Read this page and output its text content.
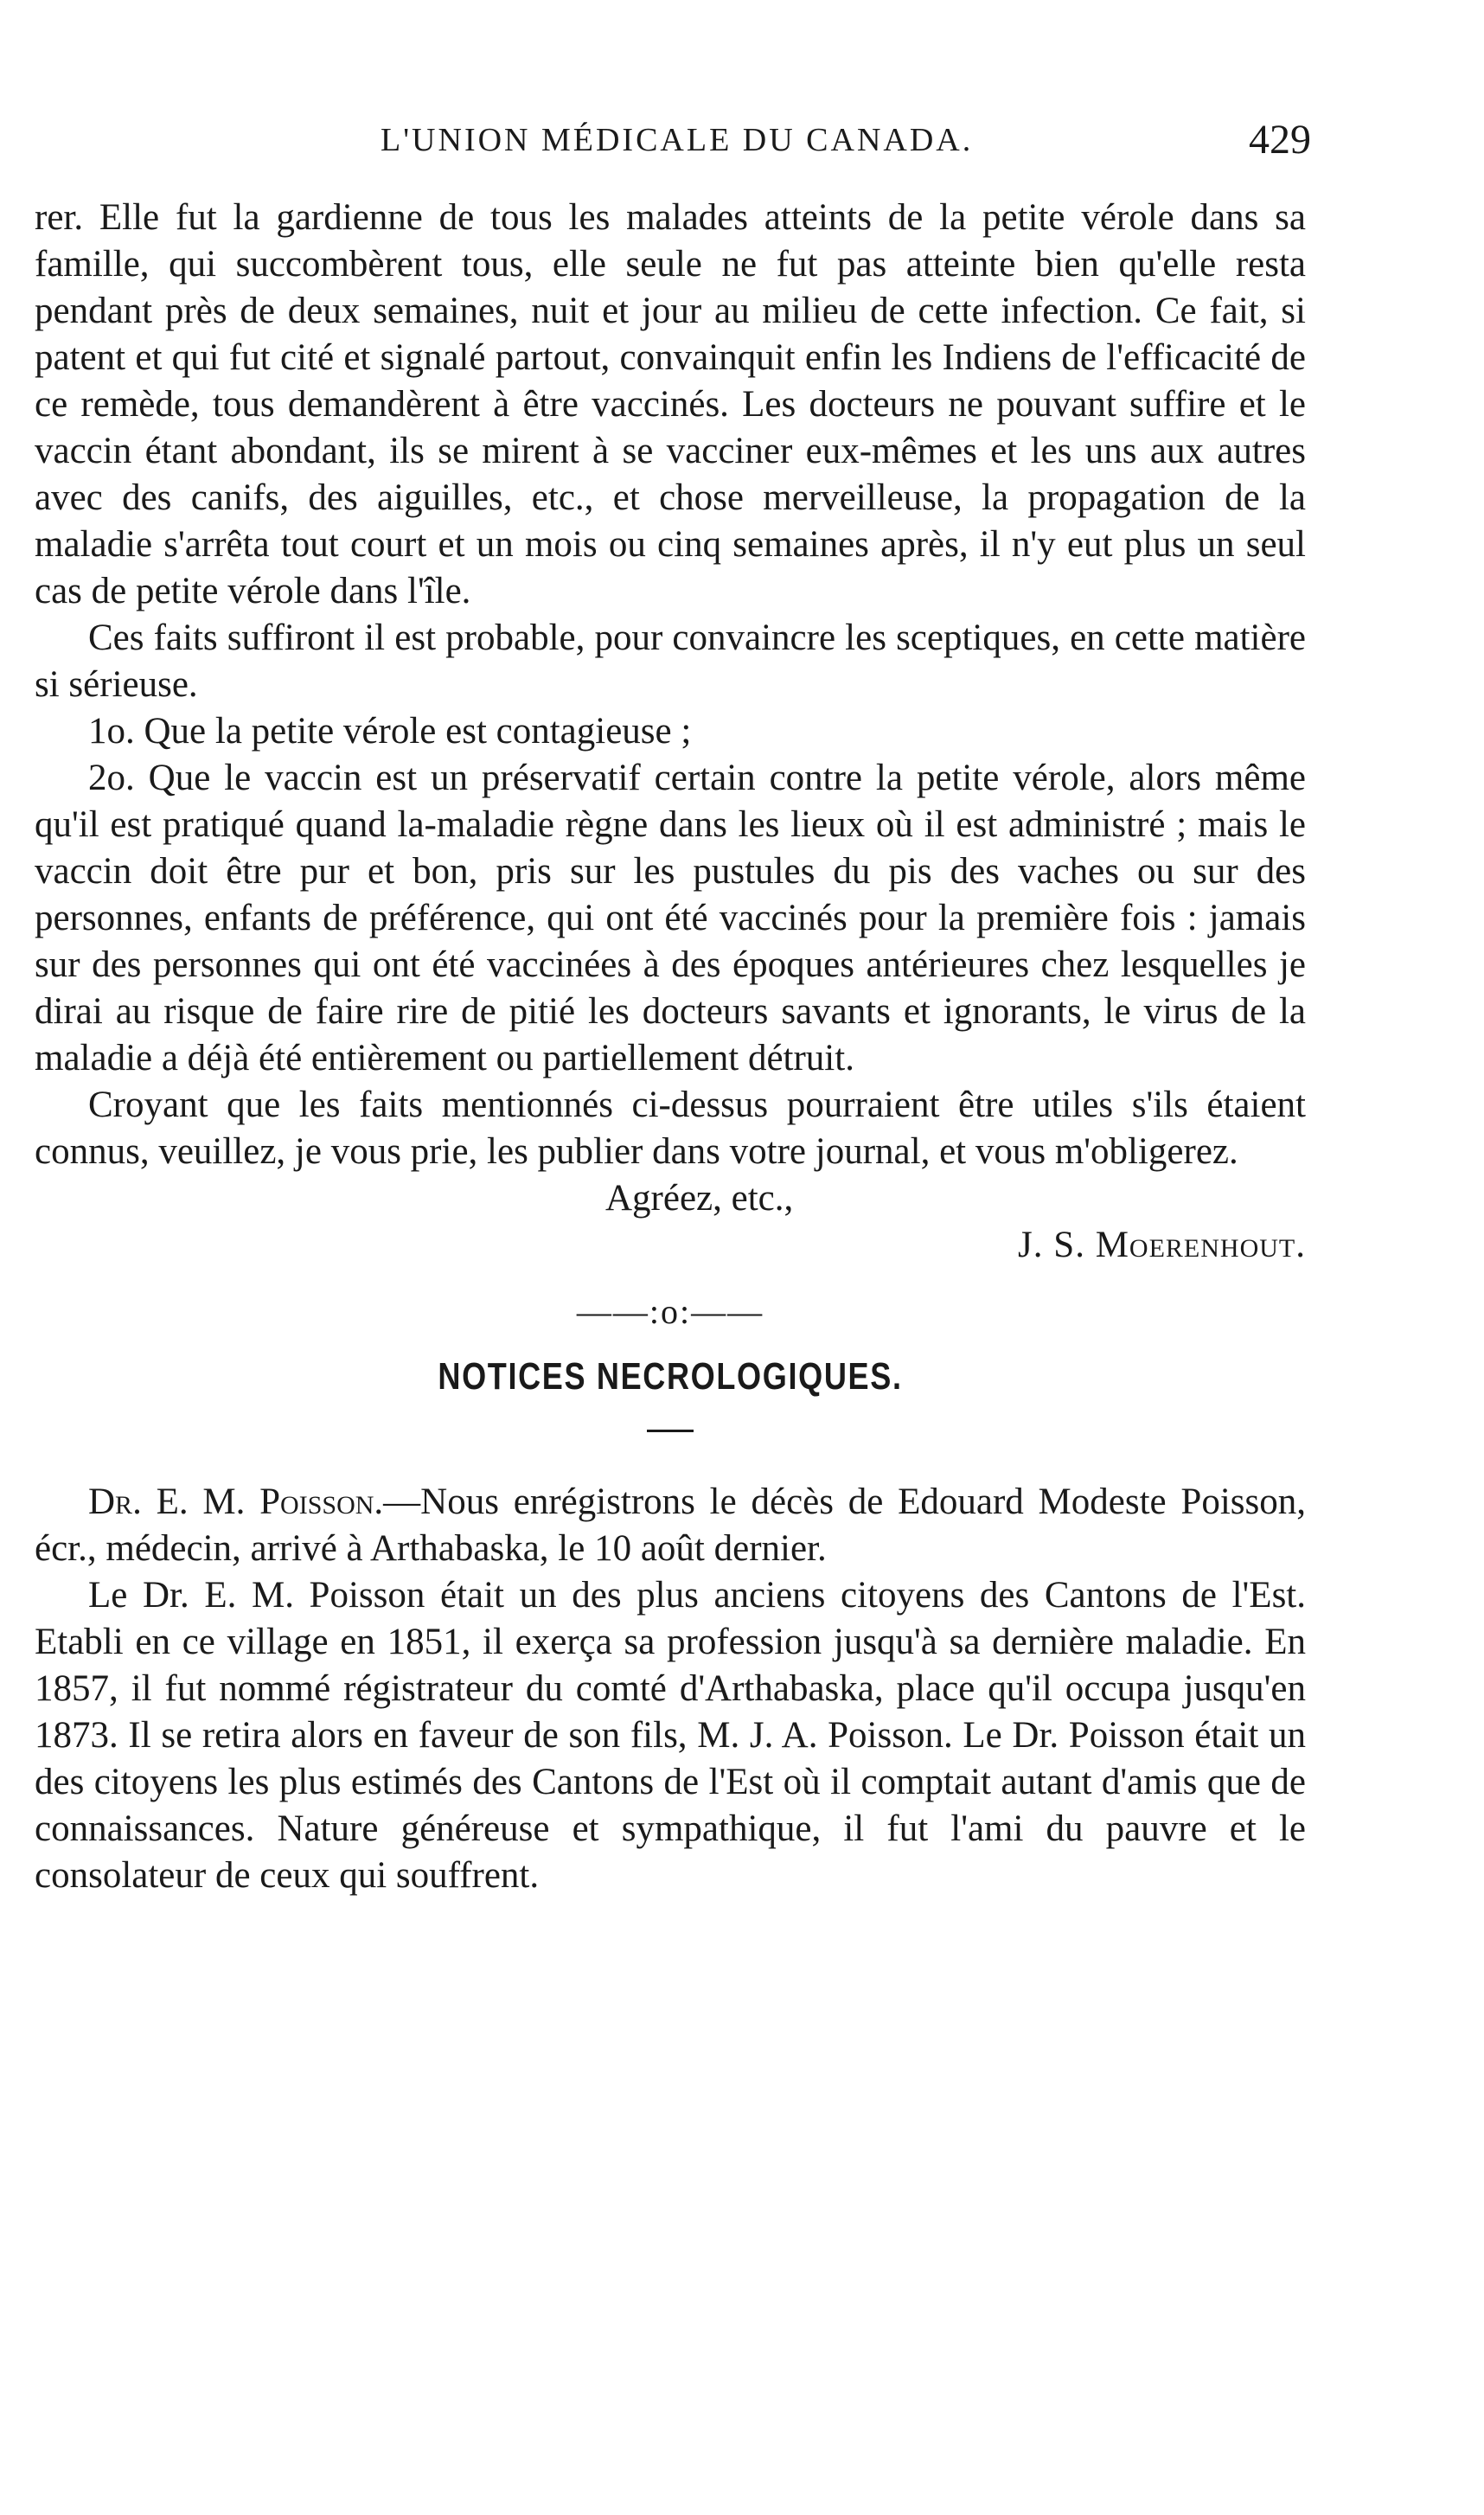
L'UNION MÉDICALE DU CANADA.	429

rer. Elle fut la gardienne de tous les malades atteints de la petite vérole dans sa famille, qui succombèrent tous, elle seule ne fut pas atteinte bien qu'elle resta pendant près de deux semaines, nuit et jour au milieu de cette infection. Ce fait, si patent et qui fut cité et signalé partout, convainquit enfin les Indiens de l'efficacité de ce remède, tous demandèrent à être vaccinés. Les docteurs ne pouvant suffire et le vaccin étant abondant, ils se mirent à se vacciner eux-mêmes et les uns aux autres avec des canifs, des aiguilles, etc., et chose merveilleuse, la propagation de la maladie s'arrêta tout court et un mois ou cinq semaines après, il n'y eut plus un seul cas de petite vérole dans l'île.

Ces faits suffiront il est probable, pour convaincre les sceptiques, en cette matière si sérieuse.

1o. Que la petite vérole est contagieuse ;

2o. Que le vaccin est un préservatif certain contre la petite vérole, alors même qu'il est pratiqué quand la-maladie règne dans les lieux où il est administré ; mais le vaccin doit être pur et bon, pris sur les pustules du pis des vaches ou sur des personnes, enfants de préférence, qui ont été vaccinés pour la première fois : jamais sur des personnes qui ont été vaccinées à des époques antérieures chez lesquelles je dirai au risque de faire rire de pitié les docteurs savants et ignorants, le virus de la maladie a déjà été entièrement ou partiellement détruit.

Croyant que les faits mentionnés ci-dessus pourraient être utiles s'ils étaient connus, veuillez, je vous prie, les publier dans votre journal, et vous m'obligerez.

Agréez, etc.,

J. S. Moerenhout.

——:o:——
NOTICES NECROLOGIQUES.

Dr. E. M. Poisson.—Nous enrégistrons le décès de Edouard Modeste Poisson, écr., médecin, arrivé à Arthabaska, le 10 août dernier.

Le Dr. E. M. Poisson était un des plus anciens citoyens des Cantons de l'Est. Etabli en ce village en 1851, il exerça sa profession jusqu'à sa dernière maladie. En 1857, il fut nommé régistrateur du comté d'Arthabaska, place qu'il occupa jusqu'en 1873. Il se retira alors en faveur de son fils, M. J. A. Poisson. Le Dr. Poisson était un des citoyens les plus estimés des Cantons de l'Est où il comptait autant d'amis que de connaissances. Nature généreuse et sympathique, il fut l'ami du pauvre et le consolateur de ceux qui souffrent.
